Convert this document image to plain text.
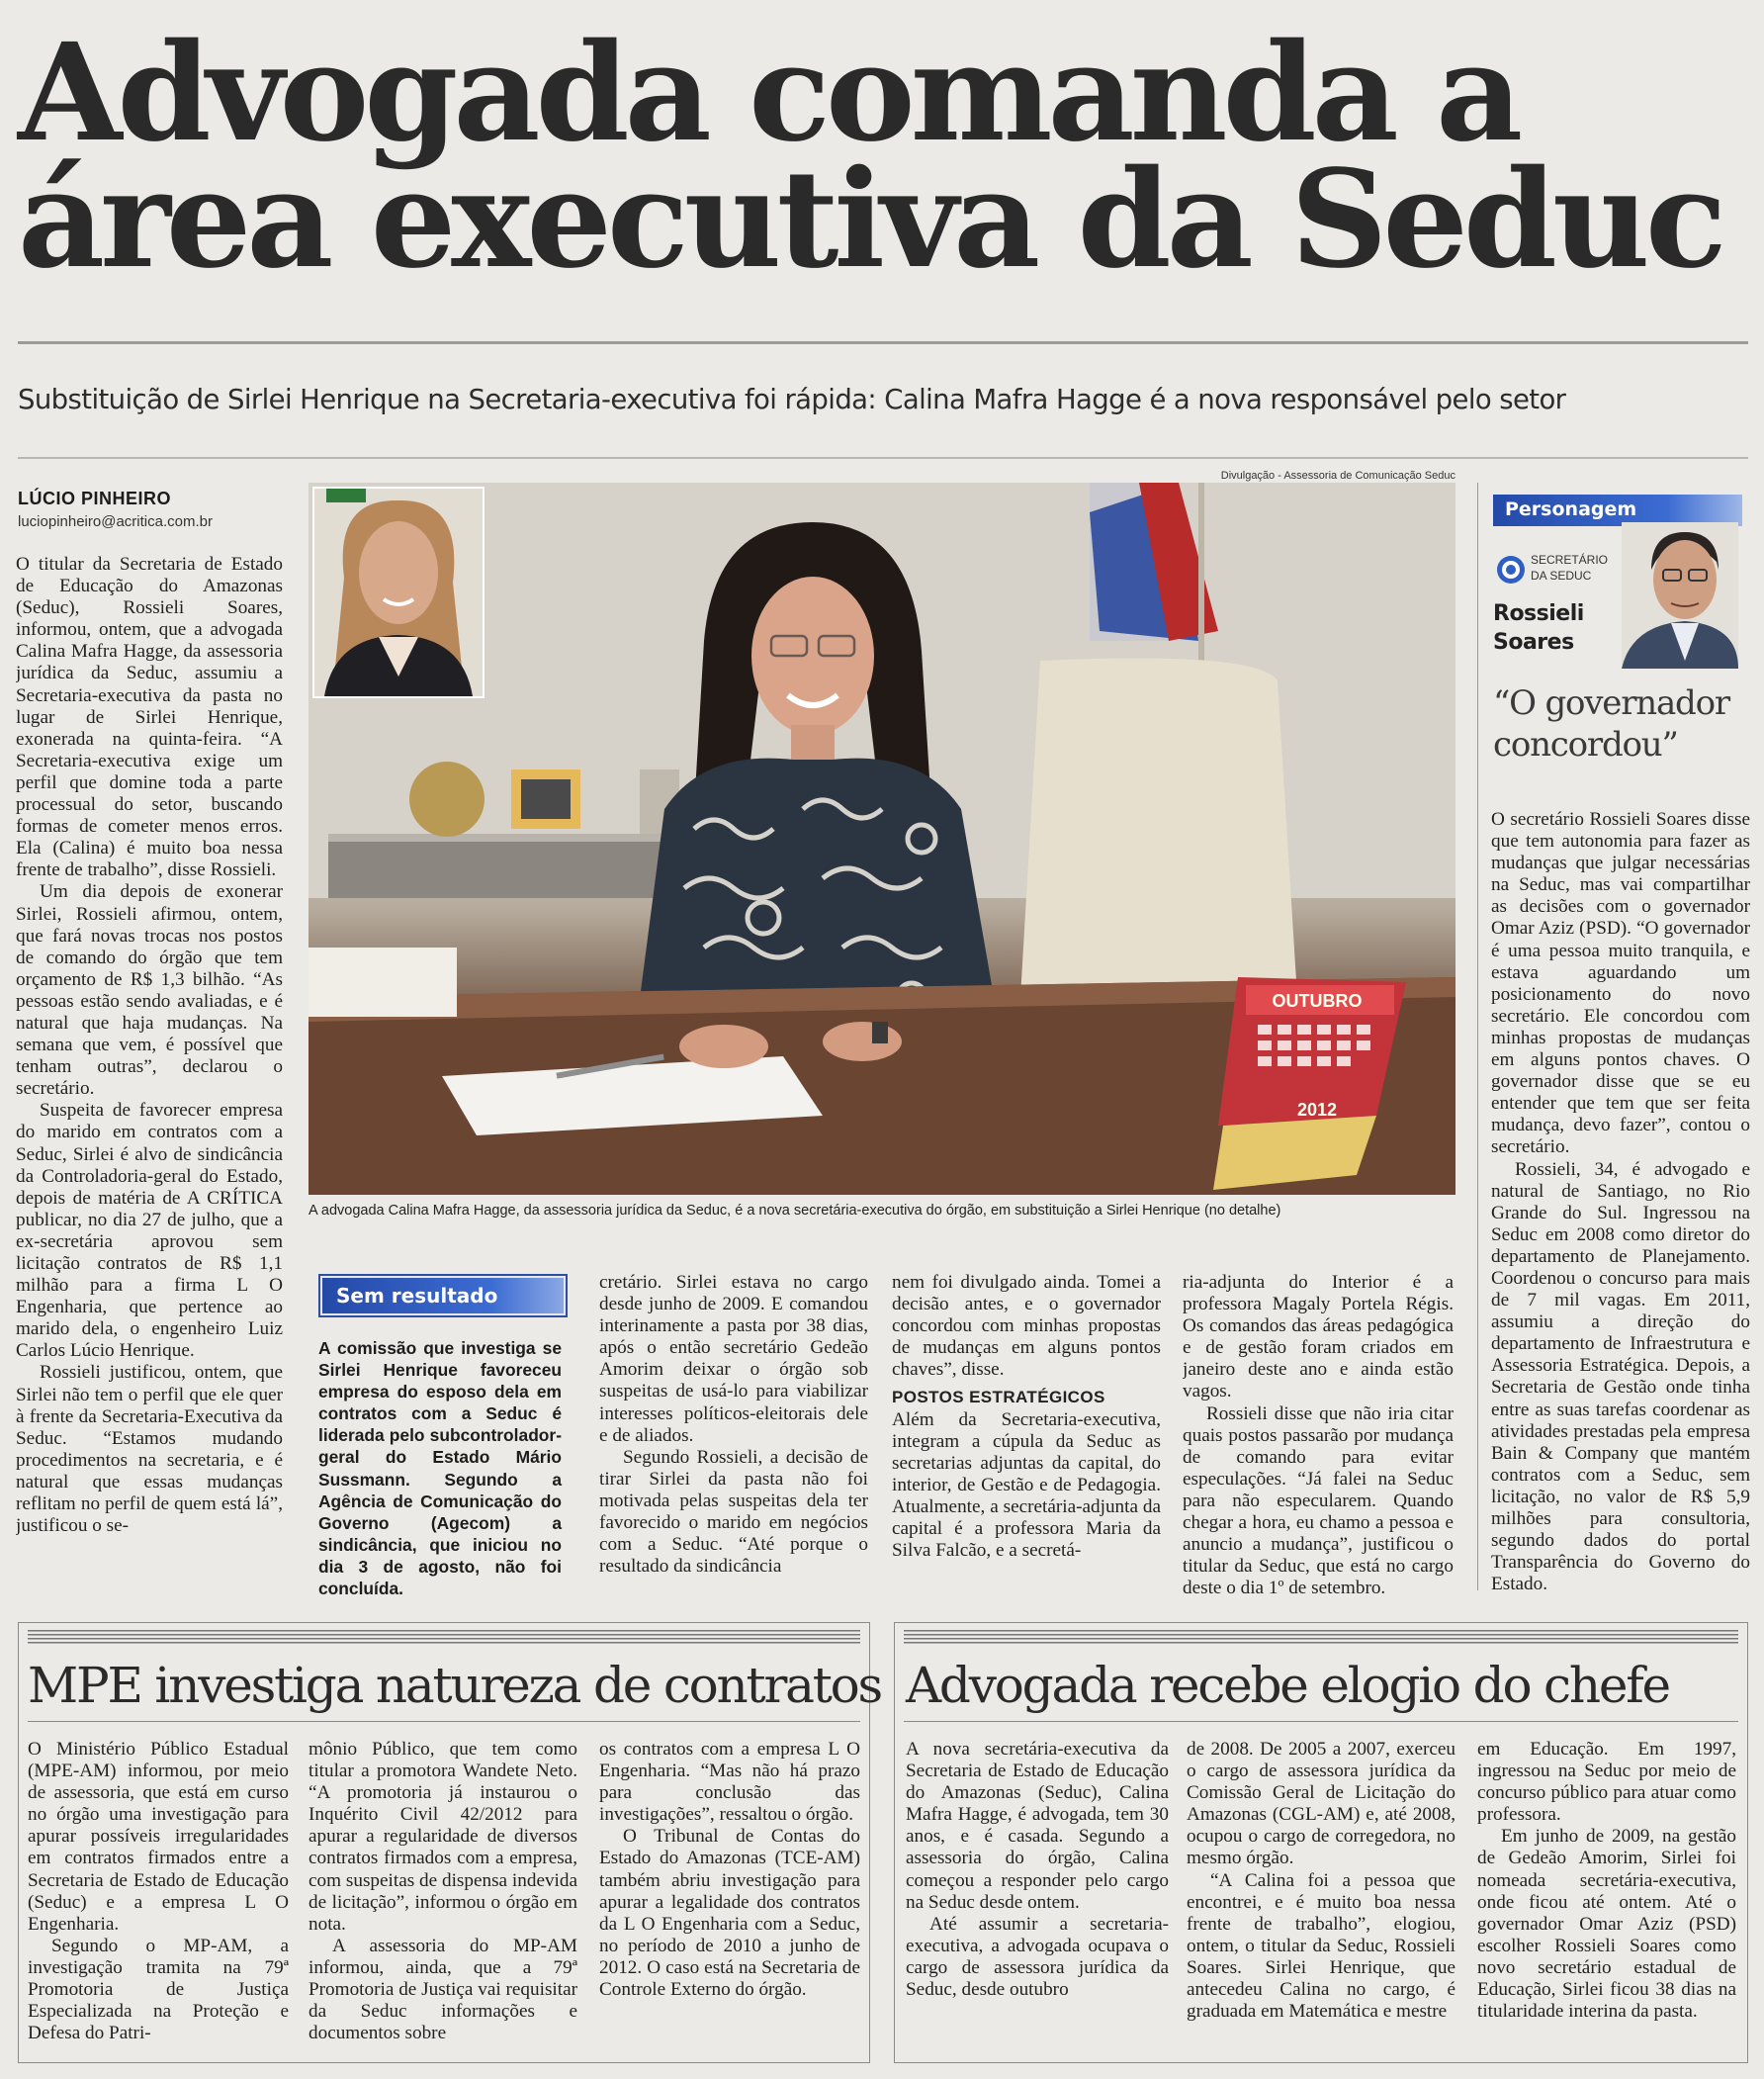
Advogada comanda a
área executiva da Seduc
Substituição de Sirlei Henrique na Secretaria-executiva foi rápida: Calina Mafra Hagge é a nova responsável pelo setor
LÚCIO PINHEIRO
luciopinheiro@acritica.com.br

O titular da Secretaria de Estado de Educação do Amazonas (Seduc), Rossieli Soares, informou, ontem, que a advogada Calina Mafra Hagge, da assessoria jurídica da Seduc, assumiu a Secretaria-executiva da pasta no lugar de Sirlei Henrique, exonerada na quinta-feira. “A Secretaria-executiva exige um perfil que domine toda a parte processual do setor, buscando formas de cometer menos erros. Ela (Calina) é muito boa nessa frente de trabalho”, disse Rossieli.

Um dia depois de exonerar Sirlei, Rossieli afirmou, ontem, que fará novas trocas nos postos de comando do órgão que tem orçamento de R$ 1,3 bilhão. “As pessoas estão sendo avaliadas, e é natural que haja mudanças. Na semana que vem, é possível que tenham outras”, declarou o secretário.

Suspeita de favorecer empresa do marido em contratos com a Seduc, Sirlei é alvo de sindicância da Controladoria-geral do Estado, depois de matéria de A CRÍTICA publicar, no dia 27 de julho, que a ex-secretária aprovou sem licitação contratos de R$ 1,1 milhão para a firma L O Engenharia, que pertence ao marido dela, o engenheiro Luiz Carlos Lúcio Henrique.

Rossieli justificou, ontem, que Sirlei não tem o perfil que ele quer à frente da Secretaria-Executiva da Seduc. “Estamos mudando procedimentos na secretaria, e é natural que essas mudanças reflitam no perfil de quem está lá”, justificou o se-

Divulgação - Assessoria de Comunicação Seduc
OUTUBRO
2012
A advogada Calina Mafra Hagge, da assessoria jurídica da Seduc, é a nova secretária-executiva do órgão, em substituição a Sirlei Henrique (no detalhe)
Sem resultado
A comissão que investiga se Sirlei Henrique favoreceu empresa do esposo dela em contratos com a Seduc é liderada pelo subcontrolador-geral do Estado Mário Sussmann. Segundo a Agência de Comunicação do Governo (Agecom) a sindicância, que iniciou no dia 3 de agosto, não foi concluída.

cretário. Sirlei estava no cargo desde junho de 2009. E comandou interinamente a pasta por 38 dias, após o então secretário Gedeão Amorim deixar o órgão sob suspeitas de usá-lo para viabilizar interesses políticos-eleitorais dele e de aliados.

Segundo Rossieli, a decisão de tirar Sirlei da pasta não foi motivada pelas suspeitas dela ter favorecido o marido em negócios com a Seduc. “Até porque o resultado da sindicância

nem foi divulgado ainda. Tomei a decisão antes, e o governador concordou com minhas propostas de mudanças em alguns pontos chaves”, disse.

POSTOS ESTRATÉGICOS

Além da Secretaria-executiva, integram a cúpula da Seduc as secretarias adjuntas da capital, do interior, de Gestão e de Pedagogia. Atualmente, a secretária-adjunta da capital é a professora Maria da Silva Falcão, e a secretá-

ria-adjunta do Interior é a professora Magaly Portela Régis. Os comandos das áreas pedagógica e de gestão foram criados em janeiro deste ano e ainda estão vagos.

Rossieli disse que não iria citar quais postos passarão por mudança de comando para evitar especulações. “Já falei na Seduc para não especularem. Quando chegar a hora, eu chamo a pessoa e anuncio a mudança”, justificou o titular da Seduc, que está no cargo deste o dia 1º de setembro.

Personagem
SECRETÁRIO
DA SEDUC
Rossieli
Soares
“O governador concordou”

O secretário Rossieli Soares disse que tem autonomia para fazer as mudanças que julgar necessárias na Seduc, mas vai compartilhar as decisões com o governador Omar Aziz (PSD). “O governador é uma pessoa muito tranquila, e estava aguardando um posicionamento do novo secretário. Ele concordou com minhas propostas de mudanças em alguns pontos chaves. O governador disse que se eu entender que tem que ser feita mudança, devo fazer”, contou o secretário.

Rossieli, 34, é advogado e natural de Santiago, no Rio Grande do Sul. Ingressou na Seduc em 2008 como diretor do departamento de Planejamento. Coordenou o concurso para mais de 7 mil vagas. Em 2011, assumiu a direção do departamento de Infraestrutura e Assessoria Estratégica. Depois, a Secretaria de Gestão onde tinha entre as suas tarefas coordenar as atividades prestadas pela empresa Bain & Company que mantém contratos com a Seduc, sem licitação, no valor de R$ 5,9 milhões para consultoria, segundo dados do portal Transparência do Governo do Estado.

MPE investiga natureza de contratos

O Ministério Público Estadual (MPE-AM) informou, por meio de assessoria, que está em curso no órgão uma investigação para apurar possíveis irregularidades em contratos firmados entre a Secretaria de Estado de Educação (Seduc) e a empresa L O Engenharia.

Segundo o MP-AM, a investigação tramita na 79ª Promotoria de Justiça Especializada na Proteção e Defesa do Patri-

mônio Público, que tem como titular a promotora Wandete Neto. “A promotoria já instaurou o Inquérito Civil 42/2012 para apurar a regularidade de diversos contratos firmados com a empresa, com suspeitas de dispensa indevida de licitação”, informou o órgão em nota.

A assessoria do MP-AM informou, ainda, que a 79ª Promotoria de Justiça vai requisitar da Seduc informações e documentos sobre

os contratos com a empresa L O Engenharia. “Mas não há prazo para conclusão das investigações”, ressaltou o órgão.

O Tribunal de Contas do Estado do Amazonas (TCE-AM) também abriu investigação para apurar a legalidade dos contratos da L O Engenharia com a Seduc, no período de 2010 a junho de 2012. O caso está na Secretaria de Controle Externo do órgão.

Advogada recebe elogio do chefe

A nova secretária-executiva da Secretaria de Estado de Educação do Amazonas (Seduc), Calina Mafra Hagge, é advogada, tem 30 anos, e é casada. Segundo a assessoria do órgão, Calina começou a responder pelo cargo na Seduc desde ontem.

Até assumir a secretaria-executiva, a advogada ocupava o cargo de assessora jurídica da Seduc, desde outubro

de 2008. De 2005 a 2007, exerceu o cargo de assessora jurídica da Comissão Geral de Licitação do Amazonas (CGL-AM) e, até 2008, ocupou o cargo de corregedora, no mesmo órgão.

“A Calina foi a pessoa que encontrei, e é muito boa nessa frente de trabalho”, elogiou, ontem, o titular da Seduc, Rossieli Soares. Sirlei Henrique, que antecedeu Calina no cargo, é graduada em Matemática e mestre

em Educação. Em 1997, ingressou na Seduc por meio de concurso público para atuar como professora.

Em junho de 2009, na gestão de Gedeão Amorim, Sirlei foi nomeada secretária-executiva, onde ficou até ontem. Até o governador Omar Aziz (PSD) escolher Rossieli Soares como novo secretário estadual de Educação, Sirlei ficou 38 dias na titularidade interina da pasta.
